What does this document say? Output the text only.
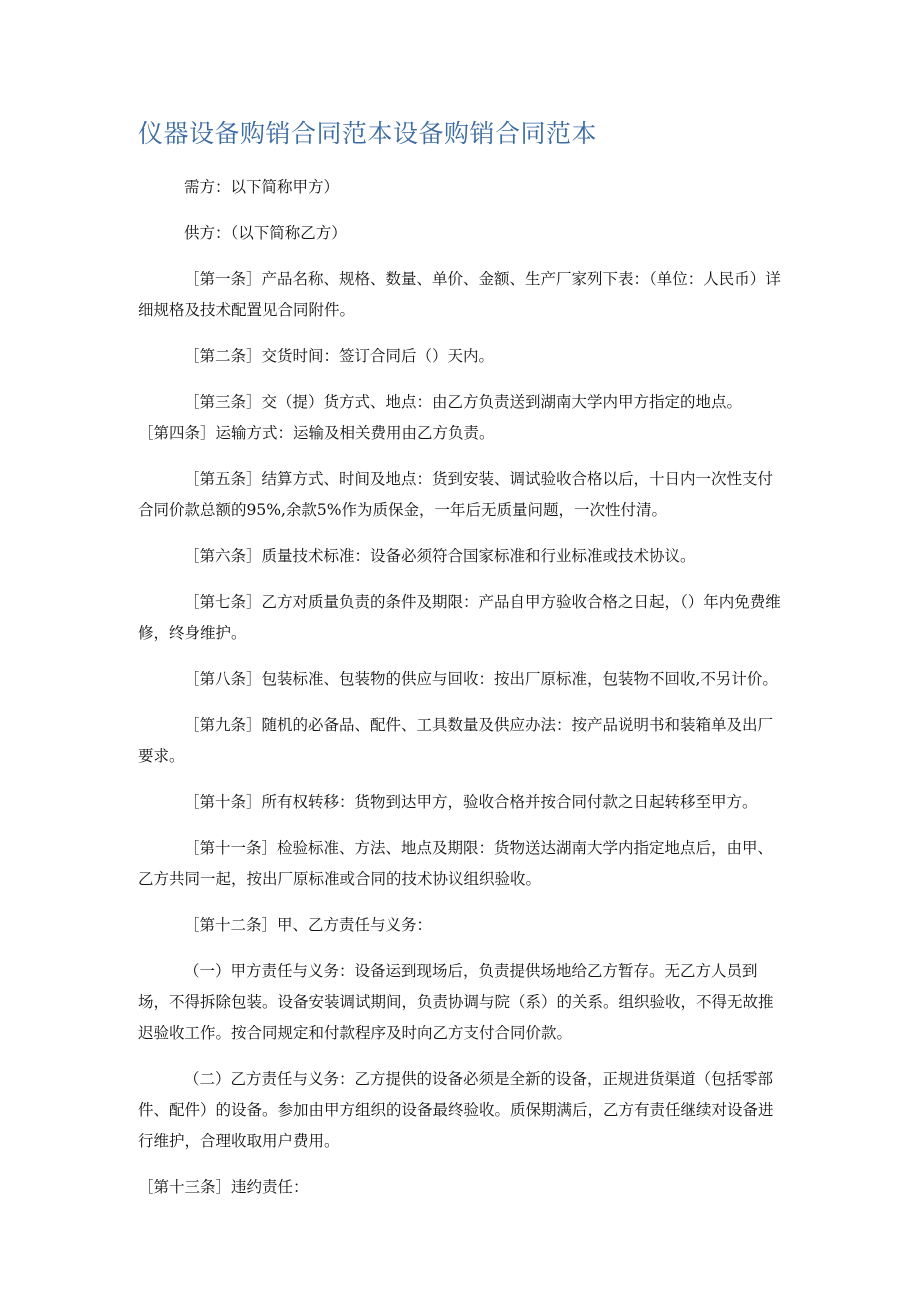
仪器设备购销合同范本设备购销合同范本

需方：以下简称甲方）

供方：（以下简称乙方）

［第一条］产品名称、规格、数量、单价、金额、生产厂家列下表：（单位：人民币）详细规格及技术配置见合同附件。

［第二条］交货时间：签订合同后（）天内。

［第三条］交（提）货方式、地点：由乙方负责送到湖南大学内甲方指定的地点。

［第四条］运输方式：运输及相关费用由乙方负责。

［第五条］结算方式、时间及地点：货到安装、调试验收合格以后，十日内一次性支付合同价款总额的95%,余款5%作为质保金，一年后无质量问题，一次性付清。

［第六条］质量技术标准：设备必须符合国家标准和行业标准或技术协议。

［第七条］乙方对质量负责的条件及期限：产品自甲方验收合格之日起，（）年内免费维修，终身维护。

［第八条］包装标准、包装物的供应与回收：按出厂原标准，包装物不回收,不另计价。

［第九条］随机的必备品、配件、工具数量及供应办法：按产品说明书和装箱单及出厂要求。

［第十条］所有权转移：货物到达甲方，验收合格并按合同付款之日起转移至甲方。

［第十一条］检验标准、方法、地点及期限：货物送达湖南大学内指定地点后，由甲、乙方共同一起，按出厂原标准或合同的技术协议组织验收。

［第十二条］甲、乙方责任与义务：

（一）甲方责任与义务：设备运到现场后，负责提供场地给乙方暂存。无乙方人员到场，不得拆除包装。设备安装调试期间，负责协调与院（系）的关系。组织验收，不得无故推迟验收工作。按合同规定和付款程序及时向乙方支付合同价款。

（二）乙方责任与义务：乙方提供的设备必须是全新的设备，正规进货渠道（包括零部件、配件）的设备。参加由甲方组织的设备最终验收。质保期满后，乙方有责任继续对设备进行维护，合理收取用户费用。

［第十三条］违约责任：
